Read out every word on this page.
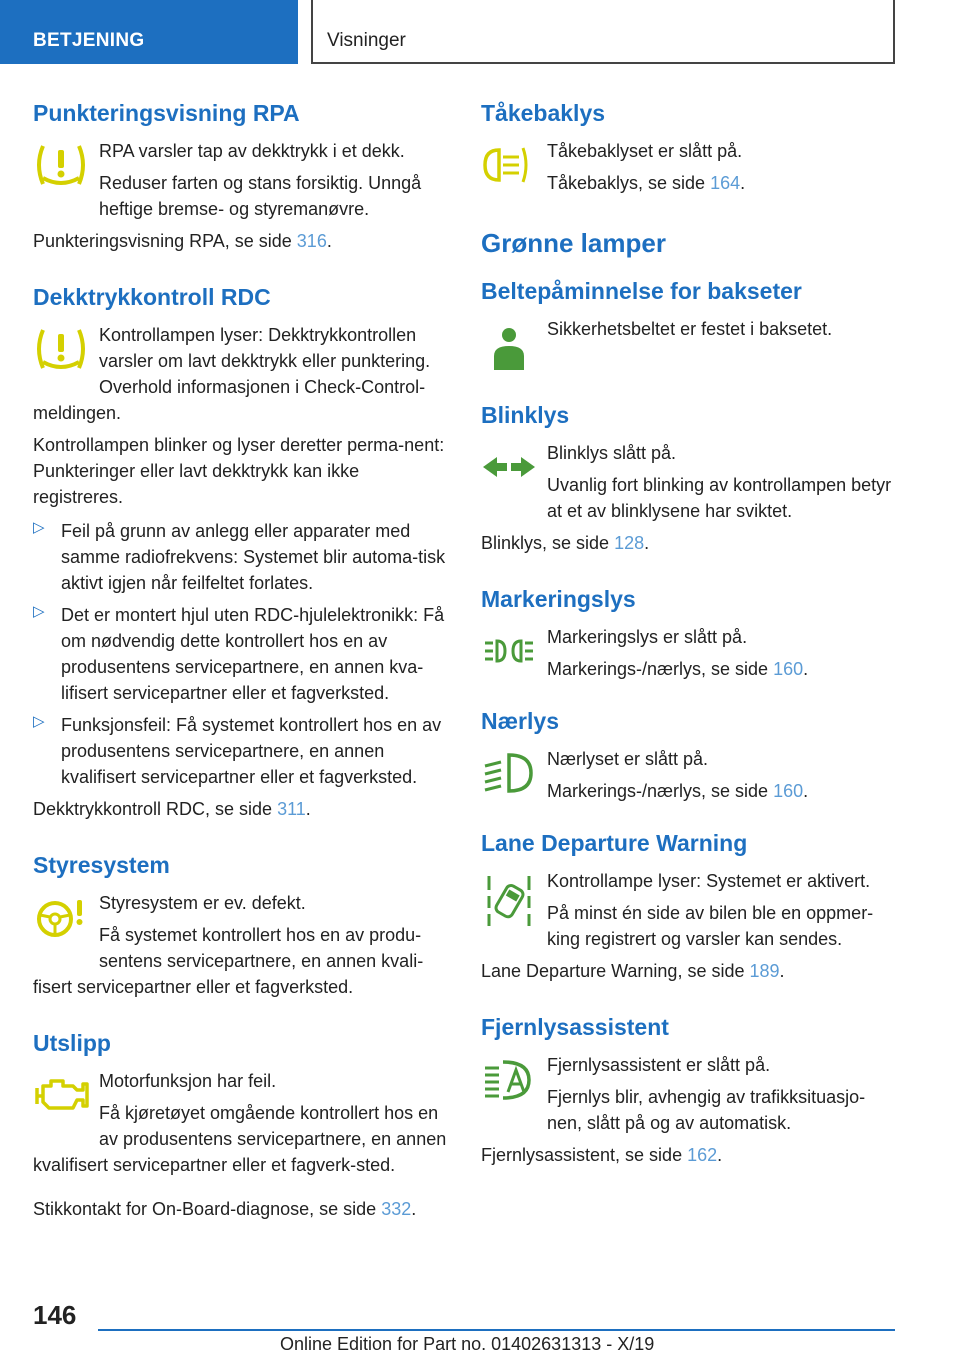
BETJENING	Visninger
Punkteringsvisning RPA

RPA varsler tap av dekktrykk i et dekk.

Reduser farten og stans forsiktig. Unngå heftige bremse- og styremanøvre.

Punkteringsvisning RPA, se side 316.

Dekktrykkontroll RDC

Kontrollampen lyser: Dekktrykkontrollen varsler om lavt dekktrykk eller punktering. Overhold informasjonen i Check-Control-meldingen.

Kontrollampen blinker og lyser deretter perma-nent: Punkteringer eller lavt dekktrykk kan ikke registreres.

▷ Feil på grunn av anlegg eller apparater med samme radiofrekvens: Systemet blir automa-tisk aktivt igjen når feilfeltet forlates.

▷ Det er montert hjul uten RDC-hjulelektronikk: Få om nødvendig dette kontrollert hos en av produsentens servicepartnere, en annen kva-lifisert servicepartner eller et fagverksted.

▷ Funksjonsfeil: Få systemet kontrollert hos en av produsentens servicepartnere, en annen kvalifisert servicepartner eller et fagverksted.

Dekktrykkontroll RDC, se side 311.

Styresystem

Styresystem er ev. defekt.

Få systemet kontrollert hos en av produ-sentens servicepartnere, en annen kvali-fisert servicepartner eller et fagverksted.

Utslipp

Motorfunksjon har feil.

Få kjøretøyet omgående kontrollert hos en av produsentens servicepartnere, en annen kvalifisert servicepartner eller et fagverk-sted.

Stikkontakt for On-Board-diagnose, se side 332.

Tåkebaklys

Tåkebaklyset er slått på.

Tåkebaklys, se side 164.

Grønne lamper
Beltepåminnelse for bakseter

Sikkerhetsbeltet er festet i baksetet.

Blinklys

Blinklys slått på.

Uvanlig fort blinking av kontrollampen betyr at et av blinklysene har sviktet.

Blinklys, se side 128.

Markeringslys

Markeringslys er slått på.

Markerings-/nærlys, se side 160.

Nærlys

Nærlyset er slått på.

Markerings-/nærlys, se side 160.

Lane Departure Warning

Kontrollampe lyser: Systemet er aktivert.

På minst én side av bilen ble en oppmer-king registrert og varsler kan sendes.

Lane Departure Warning, se side 189.

Fjernlysassistent

Fjernlysassistent er slått på.

Fjernlys blir, avhengig av trafikksituasjo-nen, slått på og av automatisk.

Fjernlysassistent, se side 162.

146
Online Edition for Part no. 01402631313 - X/19
